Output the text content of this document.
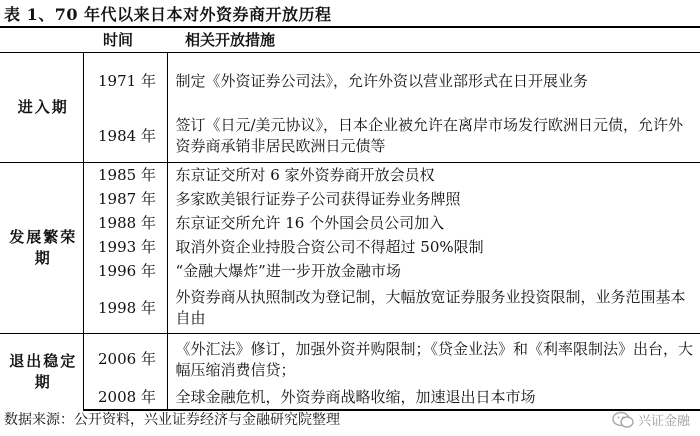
表 1、70 年代以来日本对外资券商开放历程
	时间	相关开放措施
进入期	1971 年	制定《外资证券公司法》，允许外资以营业部形式在日开展业务
	1984 年	签订《日元/美元协议》，日本企业被允许在离岸市场发行欧洲日元债，允许外资券商承销非居民欧洲日元债等
发展繁荣期	1985 年	东京证交所对 6 家外资券商开放会员权
	1987 年	多家欧美银行证券子公司获得证券业务牌照
	1988 年	东京证交所允许 16 个外国会员公司加入
	1993 年	取消外资企业持股合资公司不得超过 50%限制
	1996 年	“金融大爆炸”进一步开放金融市场
	1998 年	外资券商从执照制改为登记制，大幅放宽证券服务业投资限制，业务范围基本自由
退出稳定期	2006 年	《外汇法》修订，加强外资并购限制；《贷金业法》和《利率限制法》出台，大幅压缩消费信贷；
	2008 年	全球金融危机，外资券商战略收缩，加速退出日本市场
数据来源：公开资料，兴业证券经济与金融研究院整理	兴证金融
